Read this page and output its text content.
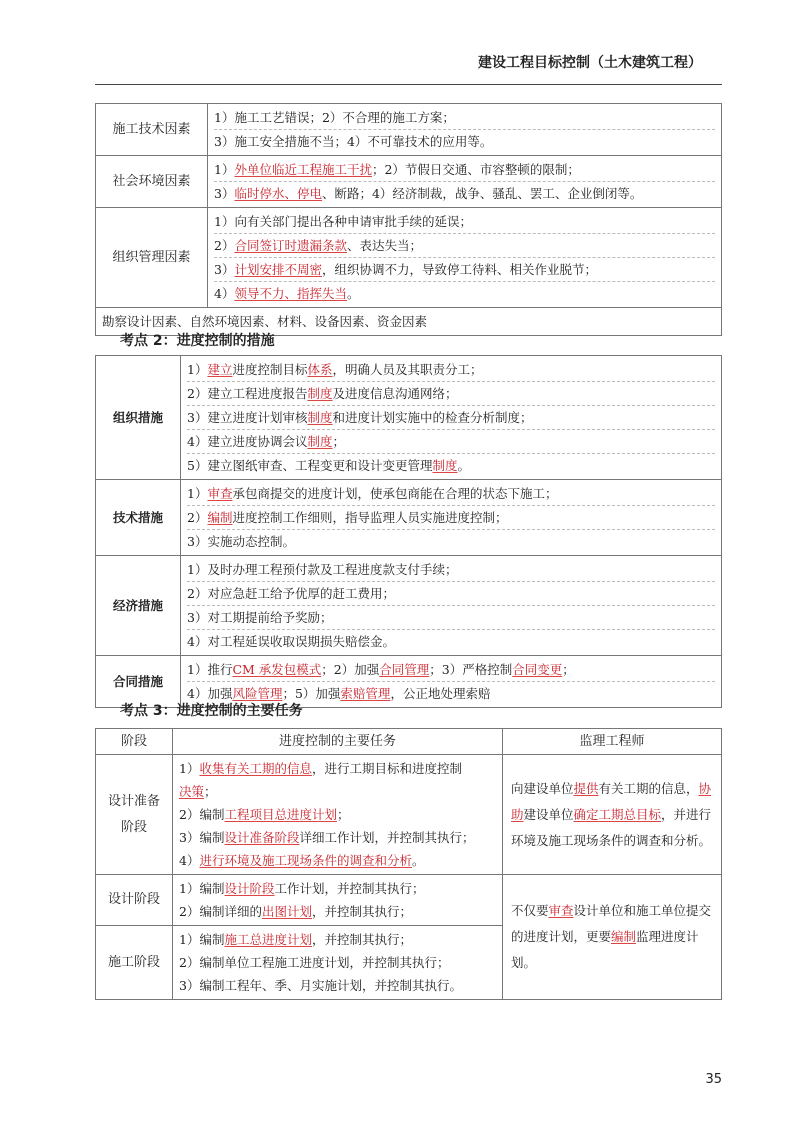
建设工程目标控制（土木建筑工程）
施工技术因素	1）施工工艺错误；2）不合理的施工方案；
3）施工安全措施不当；4）不可靠技术的应用等。

社会环境因素	1）外单位临近工程施工干扰；2）节假日交通、市容整顿的限制；
3）临时停水、停电、断路；4）经济制裁，战争、骚乱、罢工、企业倒闭等。

组织管理因素	1）向有关部门提出各种申请审批手续的延误；
2）合同签订时遗漏条款、表达失当；
3）计划安排不周密，组织协调不力，导致停工待料、相关作业脱节；
4）领导不力、指挥失当。

勘察设计因素、自然环境因素、材料、设备因素、资金因素	
考点 2：进度控制的措施
组织措施	1）建立进度控制目标体系，明确人员及其职责分工；
2）建立工程进度报告制度及进度信息沟通网络；
3）建立进度计划审核制度和进度计划实施中的检查分析制度；
4）建立进度协调会议制度；
5）建立图纸审查、工程变更和设计变更管理制度。

技术措施	1）审查承包商提交的进度计划，使承包商能在合理的状态下施工；
2）编制进度控制工作细则，指导监理人员实施进度控制；
3）实施动态控制。

经济措施	1）及时办理工程预付款及工程进度款支付手续；
2）对应急赶工给予优厚的赶工费用；
3）对工期提前给予奖励；
4）对工程延误收取误期损失赔偿金。

合同措施	1）推行CM 承发包模式；2）加强合同管理；3）严格控制合同变更；
4）加强风险管理；5）加强索赔管理，公正地处理索赔
考点 3：进度控制的主要任务
阶段	进度控制的主要任务	监理工程师
设计准备
阶段	1）收集有关工期的信息，进行工期目标和进度控制
决策；
2）编制工程项目总进度计划；
3）编制设计准备阶段详细工作计划，并控制其执行；
4）进行环境及施工现场条件的调查和分析。	向建设单位提供有关工期的信息，协助建设单位确定工期总目标，并进行环境及施工现场条件的调查和分析。
设计阶段	1）编制设计阶段工作计划，并控制其执行；
2）编制详细的出图计划，并控制其执行；	不仅要审查设计单位和施工单位提交的进度计划，更要编制监理进度计划。
施工阶段	1）编制施工总进度计划，并控制其执行；
2）编制单位工程施工进度计划，并控制其执行；
3）编制工程年、季、月实施计划，并控制其执行。	
35
